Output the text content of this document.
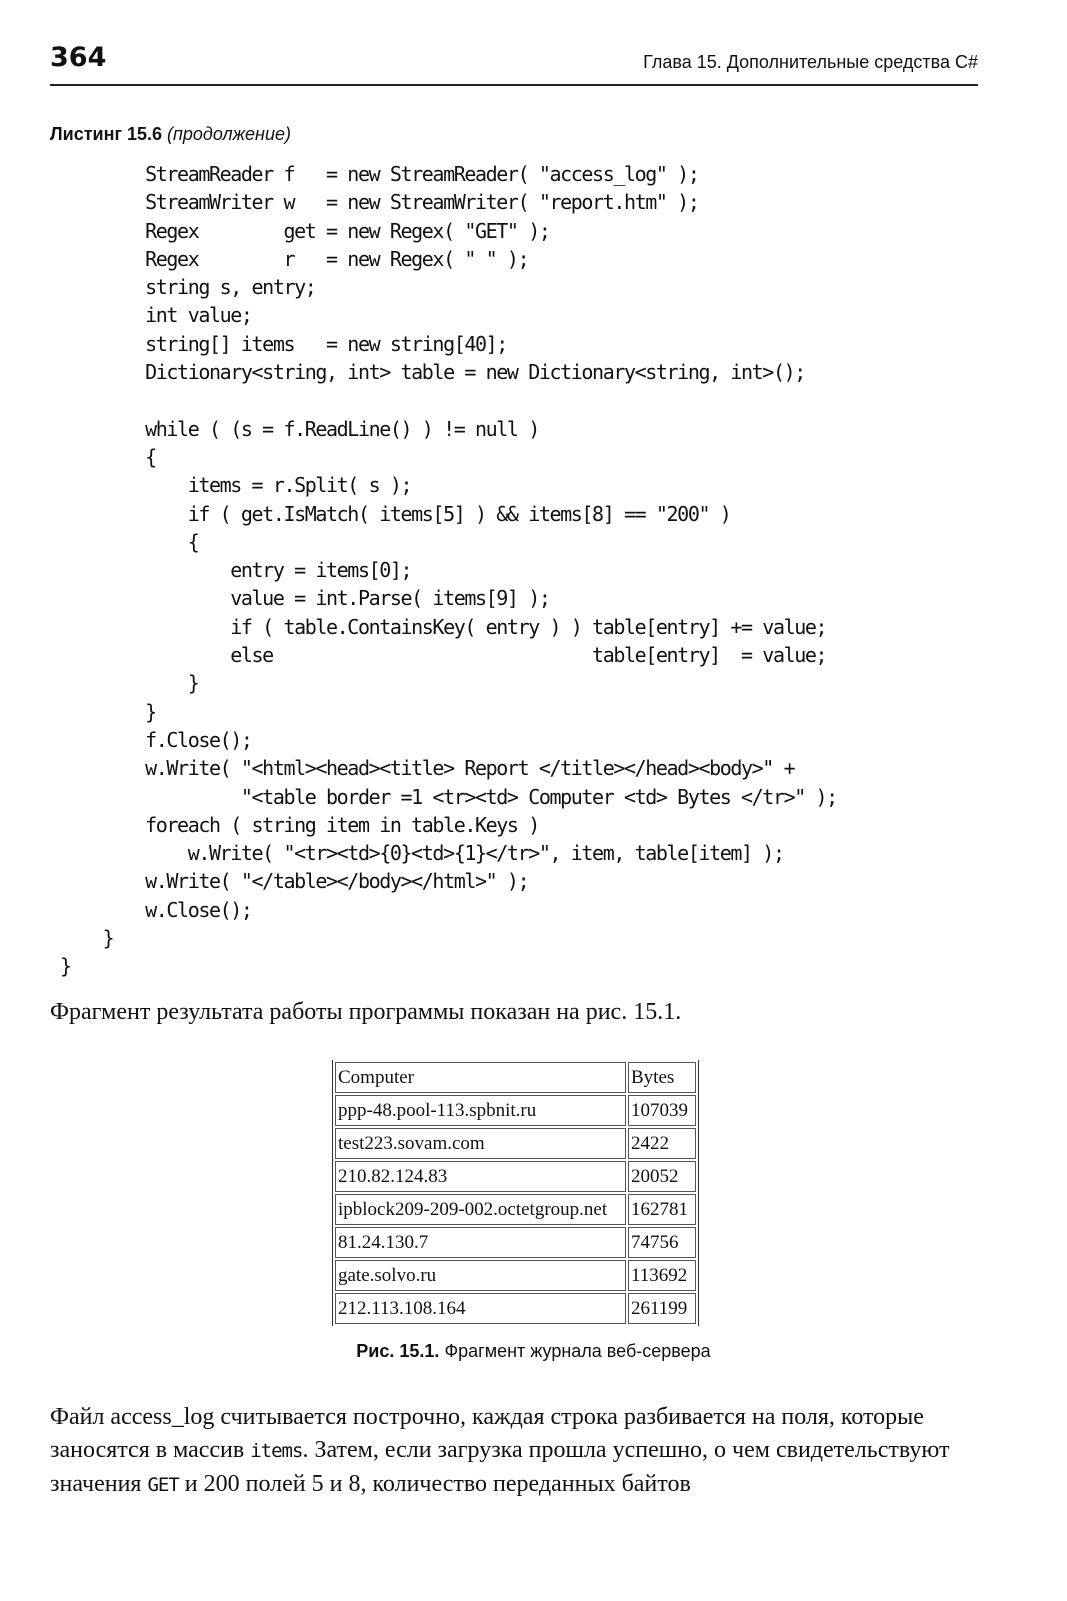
364	Глава 15. Дополнительные средства C#
Листинг 15.6 (продолжение)
StreamReader f   = new StreamReader( "access_log" );
StreamWriter w   = new StreamWriter( "report.htm" );
Regex        get = new Regex( "GET" );
Regex        r   = new Regex( " " );
string s, entry;
int value;
string[] items   = new string[40];
Dictionary<string, int> table = new Dictionary<string, int>();

while ( (s = f.ReadLine() ) != null )
{
items = r.Split( s );
if ( get.IsMatch( items[5] ) && items[8] == "200" )
{
entry = items[0];
value = int.Parse( items[9] );
if ( table.ContainsKey( entry ) ) table[entry] += value;
else                              table[entry]  = value;
}
}
f.Close();
w.Write( "<html><head><title> Report </title></head><body>" +
"<table border =1 <tr><td> Computer <td> Bytes </tr>" );
foreach ( string item in table.Keys )
w.Write( "<tr><td>{0}<td>{1}</tr>", item, table[item] );
w.Write( "</table></body></html>" );
w.Close();
}
}

Фрагмент результата работы программы показан на рис. 15.1.

Computer	Bytes
ppp-48.pool-113.spbnit.ru	107039
test223.sovam.com	2422
210.82.124.83	20052
ipblock209-209-002.octetgroup.net	162781
81.24.130.7	74756
gate.solvo.ru	113692
212.113.108.164	261199
Рис. 15.1. Фрагмент журнала веб-сервера

Файл access_log считывается построчно, каждая строка разбивается на поля, которые заносятся в массив items. Затем, если загрузка прошла успешно, о чем свидетельствуют значения GET и 200 полей 5 и 8, количество переданных байтов
